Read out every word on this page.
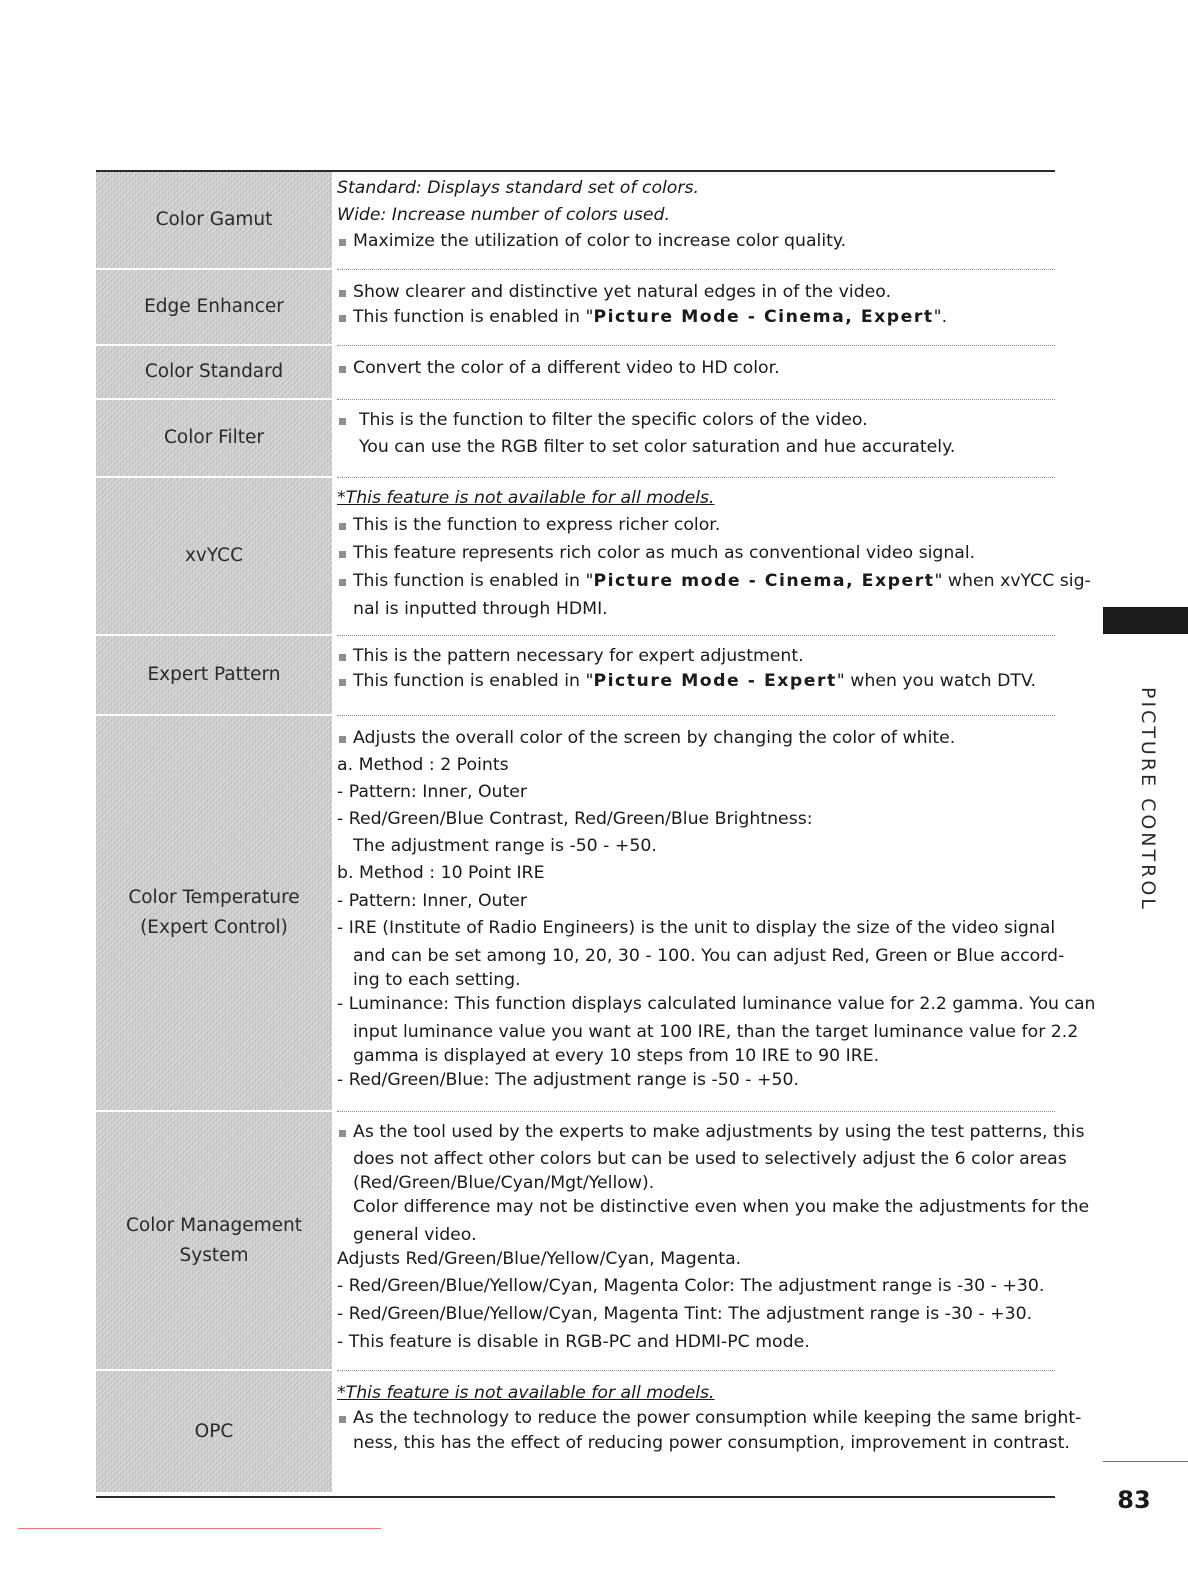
Color Gamut
Standard: Displays standard set of colors.
Wide: Increase number of colors used.
Maximize the utilization of color to increase color quality.
Edge Enhancer
Show clearer and distinctive yet natural edges in of the video.
This function is enabled in "Picture Mode - Cinema, Expert".
Color Standard	Convert the color of a different video to HD color.
Color Filter
This is the function to filter the specific colors of the video.
You can use the RGB filter to set color saturation and hue accurately.
xvYCC
*This feature is not available for all models.
This is the function to express richer color.
This feature represents rich color as much as conventional video signal.
This function is enabled in "Picture mode - Cinema, Expert" when xvYCC sig-
nal is inputted through HDMI.
Expert Pattern
This is the pattern necessary for expert adjustment.
This function is enabled in "Picture Mode - Expert" when you watch DTV.
Color Temperature
(Expert Control)
Adjusts the overall color of the screen by changing the color of white.
a. Method : 2 Points
- Pattern: Inner, Outer
- Red/Green/Blue Contrast, Red/Green/Blue Brightness:
The adjustment range is -50 - +50.
b. Method : 10 Point IRE
- Pattern: Inner, Outer
- IRE (Institute of Radio Engineers) is the unit to display the size of the video signal
and can be set among 10, 20, 30 - 100. You can adjust Red, Green or Blue accord-
ing to each setting.
- Luminance: This function displays calculated luminance value for 2.2 gamma. You can
input luminance value you want at 100 IRE, than the target luminance value for 2.2
gamma is displayed at every 10 steps from 10 IRE to 90 IRE.
- Red/Green/Blue: The adjustment range is -50 - +50.
Color Management System
As the tool used by the experts to make adjustments by using the test patterns, this
does not affect other colors but can be used to selectively adjust the 6 color areas
(Red/Green/Blue/Cyan/Mgt/Yellow).
Color difference may not be distinctive even when you make the adjustments for the
general video.
Adjusts Red/Green/Blue/Yellow/Cyan, Magenta.
- Red/Green/Blue/Yellow/Cyan, Magenta Color: The adjustment range is -30 - +30.
- Red/Green/Blue/Yellow/Cyan, Magenta Tint: The adjustment range is -30 - +30.
- This feature is disable in RGB-PC and HDMI-PC mode.
OPC
*This feature is not available for all models.
As the technology to reduce the power consumption while keeping the same bright-
ness, this has the effect of reducing power consumption, improvement in contrast.
PICTURE CONTROL
83
